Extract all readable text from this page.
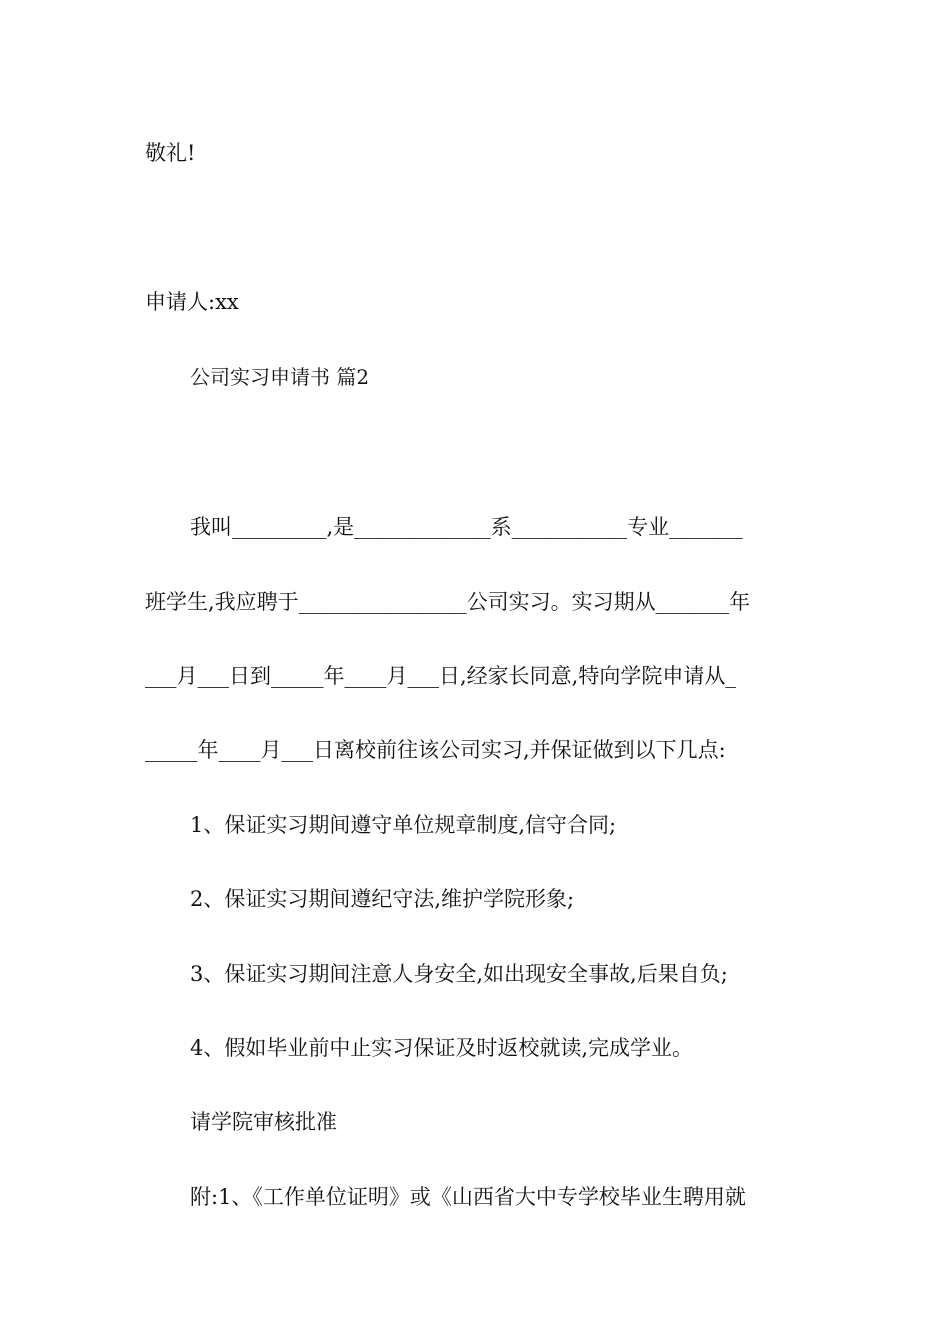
敬礼!

申请人:xx

公司实习申请书 篇2

我叫_________,是_____________系___________专业_______

班学生,我应聘于________________公司实习。实习期从_______年

___月___日到_____年____月___日,经家长同意,特向学院申请从_

_____年____月___日离校前往该公司实习,并保证做到以下几点:

1、保证实习期间遵守单位规章制度,信守合同;

2、保证实习期间遵纪守法,维护学院形象;

3、保证实习期间注意人身安全,如出现安全事故,后果自负;

4、假如毕业前中止实习保证及时返校就读,完成学业。

请学院审核批准

附:1、《工作单位证明》或《山西省大中专学校毕业生聘用就
